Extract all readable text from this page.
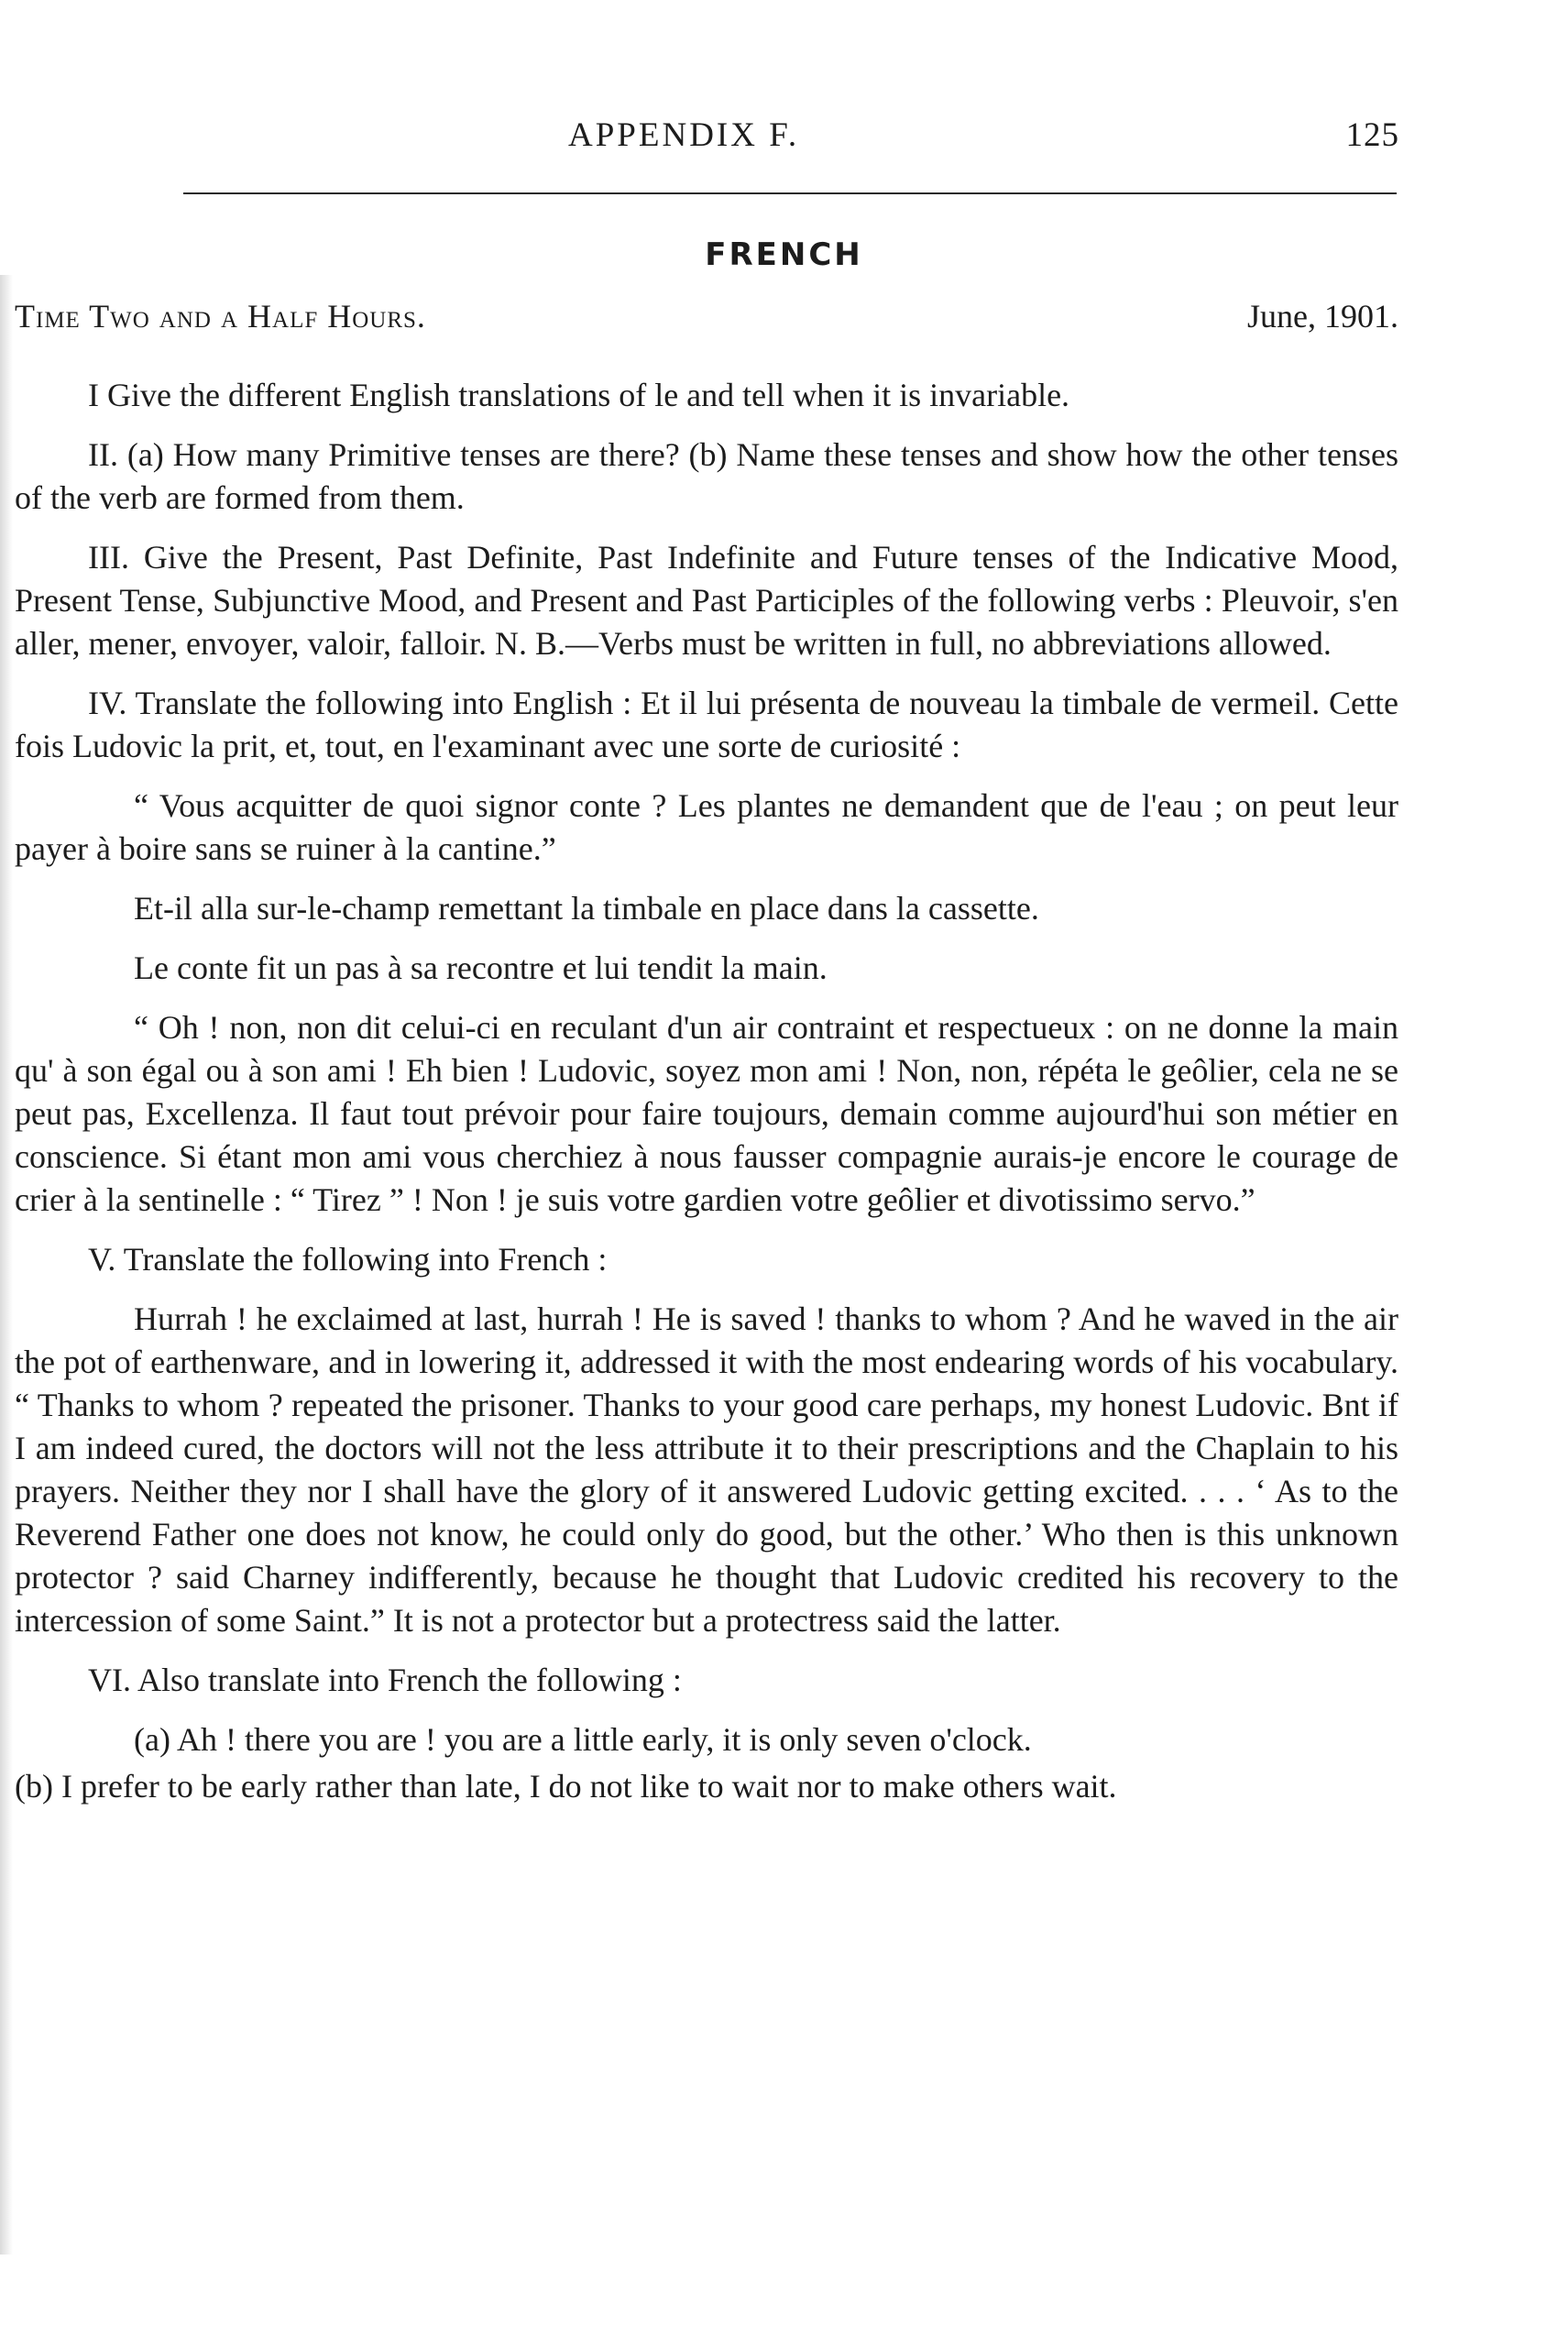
APPENDIX F.	125
FRENCH
Time Two and a Half Hours.	June, 1901.

I Give the different English translations of le and tell when it is invariable.

II. (a) How many Primitive tenses are there? (b) Name these tenses and show how the other tenses of the verb are formed from them.

III. Give the Present, Past Definite, Past Indefinite and Future tenses of the Indicative Mood, Present Tense, Subjunctive Mood, and Present and Past Participles of the following verbs : Pleuvoir, s'en aller, mener, envoyer, valoir, falloir. N. B.—Verbs must be written in full, no abbreviations allowed.

IV. Translate the following into English : Et il lui présenta de nouveau la timbale de vermeil. Cette fois Ludovic la prit, et, tout, en l'examinant avec une sorte de curiosité :

“ Vous acquitter de quoi signor conte ? Les plantes ne demandent que de l'eau ; on peut leur payer à boire sans se ruiner à la cantine.”

Et-il alla sur-le-champ remettant la timbale en place dans la cassette.

Le conte fit un pas à sa recontre et lui tendit la main.

“ Oh ! non, non dit celui-ci en reculant d'un air contraint et respectueux : on ne donne la main qu' à son égal ou à son ami ! Eh bien ! Ludovic, soyez mon ami ! Non, non, répéta le geôlier, cela ne se peut pas, Excellenza. Il faut tout prévoir pour faire toujours, demain comme aujourd'hui son métier en conscience. Si étant mon ami vous cherchiez à nous fausser compagnie aurais-je encore le courage de crier à la sentinelle : “ Tirez ” ! Non ! je suis votre gardien votre geôlier et divotissimo servo.”

V. Translate the following into French :

Hurrah ! he exclaimed at last, hurrah ! He is saved ! thanks to whom ? And he waved in the air the pot of earthenware, and in lowering it, addressed it with the most endearing words of his vocabulary. “ Thanks to whom ? repeated the prisoner. Thanks to your good care perhaps, my honest Ludovic. Bnt if I am indeed cured, the doctors will not the less attribute it to their prescriptions and the Chaplain to his prayers. Neither they nor I shall have the glory of it answered Ludovic getting excited. . . . ‘ As to the Reverend Father one does not know, he could only do good, but the other.’ Who then is this unknown protector ? said Charney indifferently, because he thought that Ludovic credited his recovery to the intercession of some Saint.” It is not a protector but a protectress said the latter.

VI. Also translate into French the following :

(a) Ah ! there you are ! you are a little early, it is only seven o'clock.

(b) I prefer to be early rather than late, I do not like to wait nor to make others wait.
